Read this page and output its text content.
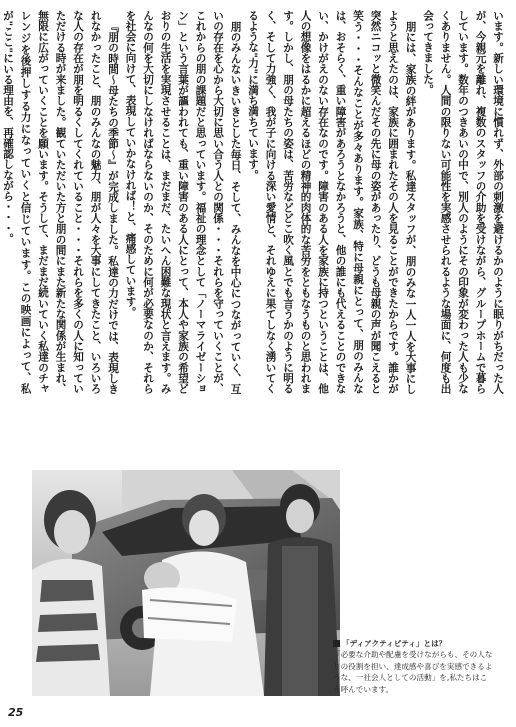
います。新しい環境に慣れず、外部の刺激を避けるかのように眠りがちだった人が、今親元を離れ、複数のスタッフの介助を受けながら、グループホームで暮らしています。数年のつきあいの中で、別人のようにその印象が変わった人も少なくありません。人間の限りない可能性を実感させられるような場面に、何度も出会ってきました。

朋には、家族の絆があります。私達スタッフが、朋のみな一人一人を大事にしようと思えたのは、家族に囲まれたその人を見ることができたからです。誰かが突然ニコッと微笑んだその先に母の姿があったり、どうも母親の声が聞こえると笑う・・・そんなことが多々あります。家族、特に母親にとって、朋のみんなは、おそらく、重い障害があろうとなかろうと、他の誰にも代えることのできない、かけがえのない存在なのです。障害のある人を家族に持つということは、他人の想像をはるかに超えるほどの精神的肉体的な苦労をともなうものと思われます。しかし、朋の母たちの姿は、苦労などどこ吹く風とでも言うかのように明るく、そして力強く、我が子に向ける深い愛情と、それゆえに果てしなく湧いてくるような"力"に満ち満ちています。

朋のみんないきいきとした毎日、そして、みんなを中心につながっていく、互いの存在を心から大切に思い合う人との関係・・・それらを守っていくことが、これからの朋の課題だと思っています。福祉の理念として「ノーマライゼーション」という言葉が謳われても、重い障害のある人にとって、本人や家族の希望どおりの生活を実現させることは、まだまだ、たいへん困難な現状と言えます。みんなの何を大切にしなければならないのか、そのために何が必要なのか、それらを社会に向けて、表現していかなければ！と、痛感しています。

『朋の時間～母たちの季節～』が完成しました。私達の力だけでは、表現しきれなかったこと、朋のみんなの魅力、朋が人々を大事にしてきたこと、いろいろな人の存在が朋を明るくしてくれていること・・・それらを多くの人に知っていただける時が来ました。観ていただいた方と朋の間にまた新たな関係が生まれ、無限に広がっていくことを願います。そうして、まだまだ続いていく私達のチャレンジを後押しする力になっていくと信じています。この映画によって、私が"ここ"にいる理由を、再確認しながら・・・。

「ディアクティビティ」とは？
「必要な介助や配慮を受けながらも、その人なりの役割を担い、達成感や喜びを実感できるような、一社会人としての活動」を,私たちはこう呼んでいます。
25
